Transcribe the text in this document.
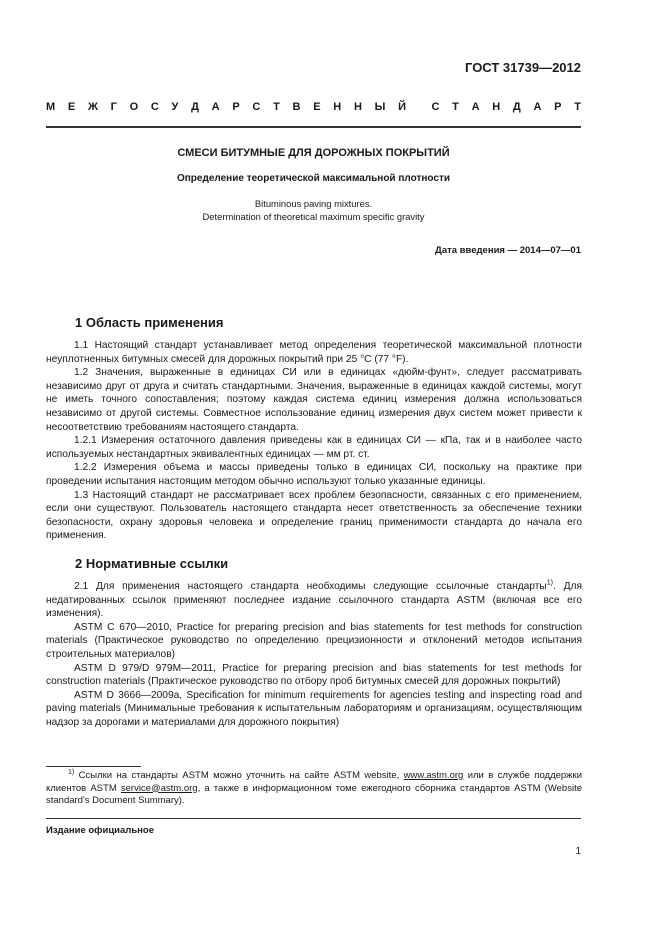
ГОСТ 31739—2012
М Е Ж Г О С У Д А Р С Т В Е Н Н Ы Й С Т А Н Д А Р Т
СМЕСИ БИТУМНЫЕ ДЛЯ ДОРОЖНЫХ ПОКРЫТИЙ
Определение теоретической максимальной плотности
Bituminous paving mixtures.
Determination of theoretical maximum specific gravity
Дата введения — 2014—07—01
1 Область применения

1.1 Настоящий стандарт устанавливает метод определения теоретической максимальной плотности неуплотненных битумных смесей для дорожных покрытий при 25 °С (77 °F).

1.2 Значения, выраженные в единицах СИ или в единицах «дюйм-фунт», следует рассматривать независимо друг от друга и считать стандартными. Значения, выраженные в единицах каждой системы, могут не иметь точного сопоставления; поэтому каждая система единиц измерения должна использоваться независимо от другой системы. Совместное использование единиц измерения двух систем может привести к несоответствию требованиям настоящего стандарта.

1.2.1 Измерения остаточного давления приведены как в единицах СИ — кПа, так и в наиболее часто используемых нестандартных эквивалентных единицах — мм рт. ст.

1.2.2 Измерения объема и массы приведены только в единицах СИ, поскольку на практике при проведении испытания настоящим методом обычно используют только указанные единицы.

1.3 Настоящий стандарт не рассматривает всех проблем безопасности, связанных с его применением, если они существуют. Пользователь настоящего стандарта несет ответственность за обеспечение техники безопасности, охрану здоровья человека и определение границ применимости стандарта до начала его применения.

2 Нормативные ссылки

2.1 Для применения настоящего стандарта необходимы следующие ссылочные стандарты$^{1)}$. Для недатированных ссылок применяют последнее издание ссылочного стандарта ASTM (включая все его изменения).

ASTM С 670—2010, Practice for preparing precision and bias statements for test methods for construction materials (Практическое руководство по определению прецизионности и отклонений методов испытания строительных материалов)

ASTM D 979/D 979M—2011, Practice for preparing precision and bias statements for test methods for construction materials (Практическое руководство по отбору проб битумных смесей для дорожных покрытий)

ASTM D 3666—2009а, Specification for minimum requirements for agencies testing and inspecting road and paving materials (Минимальные требования к испытательным лабораториям и организациям, осуществляющим надзор за дорогами и материалами для дорожного покрытия)

$^{1)}$ Ссылки на стандарты ASTM можно уточнить на сайте ASTM website, www.astm.org или в службе поддержки клиентов ASTM service@astm.org, а также в информационном томе ежегодного сборника стандартов ASTM (Website standard's Document Summary).

Издание официальное
1
